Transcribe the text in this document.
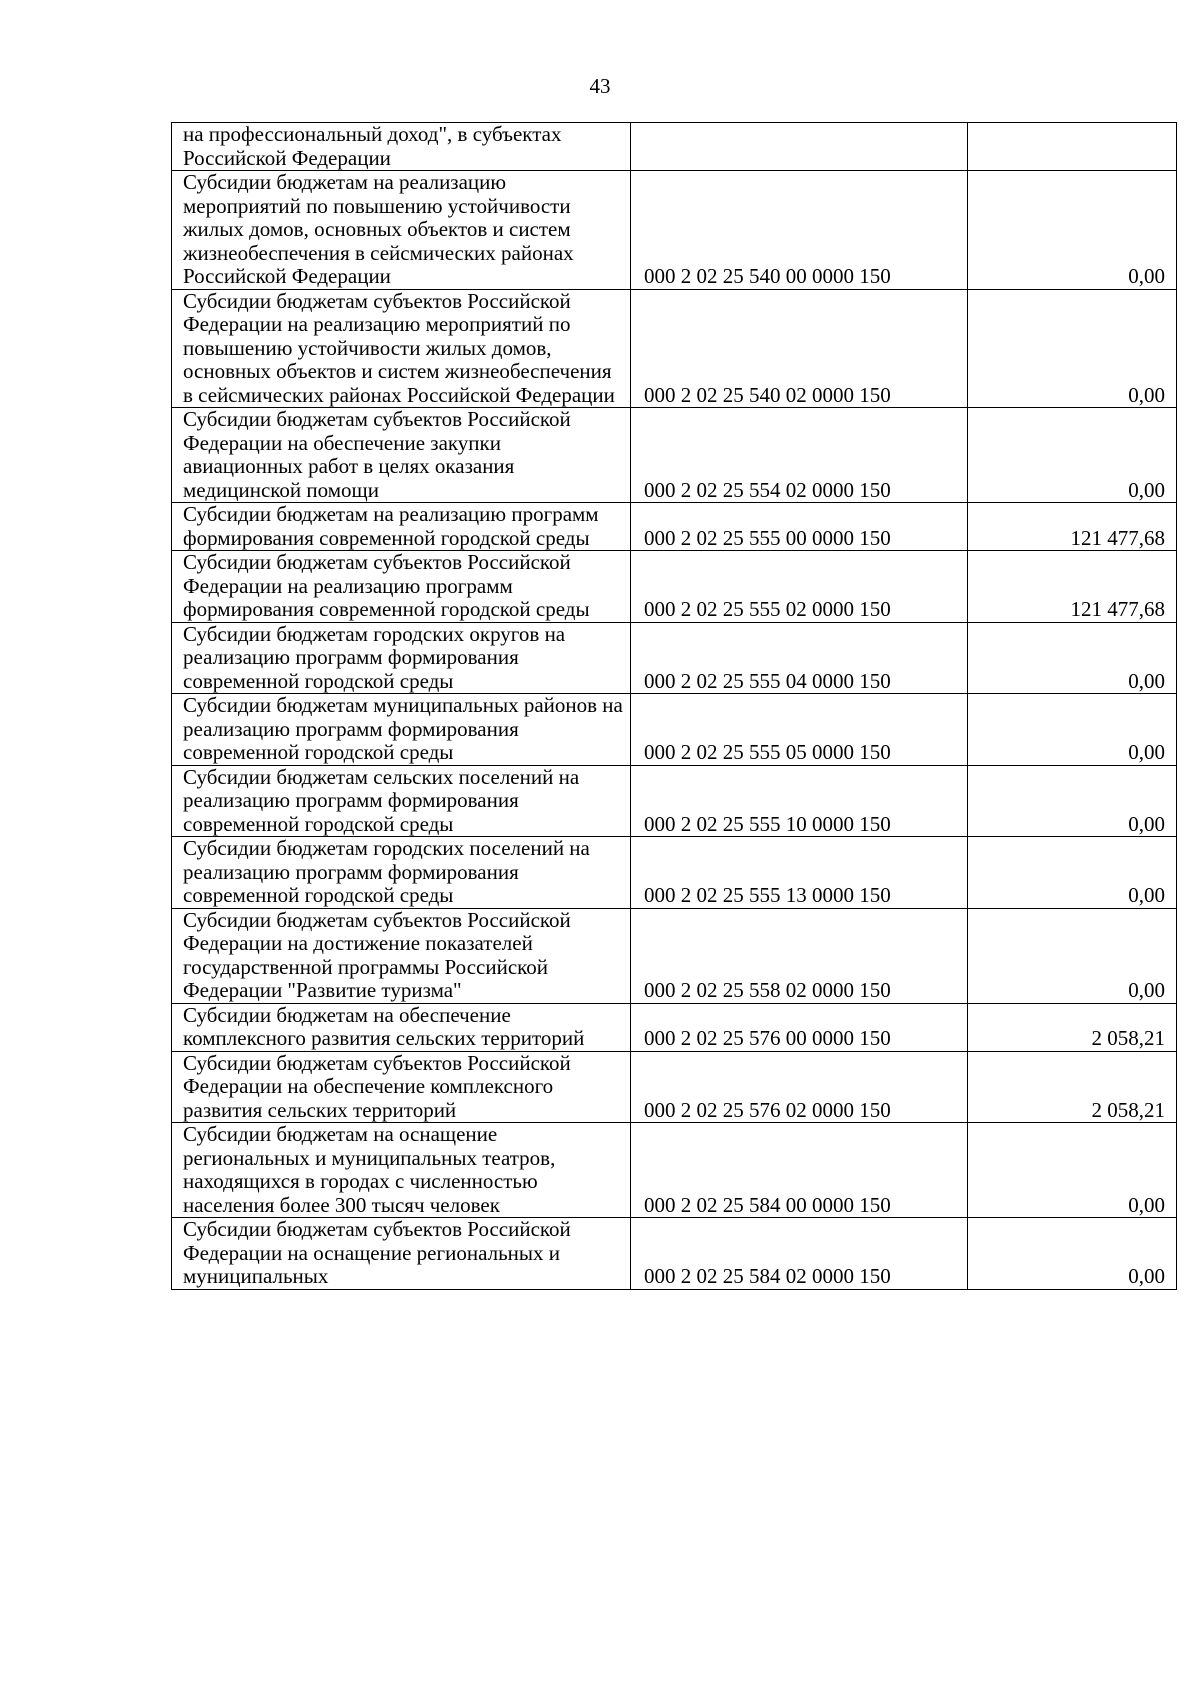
43
на профессиональный доход", в субъектах Российской Федерации		
Субсидии бюджетам на реализацию мероприятий по повышению устойчивости жилых домов, основных объектов и систем жизнеобеспечения в сейсмических районах Российской Федерации	000 2 02 25 540 00 0000 150	0,00
Субсидии бюджетам субъектов Российской Федерации на реализацию мероприятий по повышению устойчивости жилых домов, основных объектов и систем жизнеобеспечения в сейсмических районах Российской Федерации	000 2 02 25 540 02 0000 150	0,00
Субсидии бюджетам субъектов Российской Федерации на обеспечение закупки авиационных работ в целях оказания медицинской помощи	000 2 02 25 554 02 0000 150	0,00
Субсидии бюджетам на реализацию программ формирования современной городской среды	000 2 02 25 555 00 0000 150	121 477,68
Субсидии бюджетам субъектов Российской Федерации на реализацию программ формирования современной городской среды	000 2 02 25 555 02 0000 150	121 477,68
Субсидии бюджетам городских округов на реализацию программ формирования современной городской среды	000 2 02 25 555 04 0000 150	0,00
Субсидии бюджетам муниципальных районов на реализацию программ формирования современной городской среды	000 2 02 25 555 05 0000 150	0,00
Субсидии бюджетам сельских поселений на реализацию программ формирования современной городской среды	000 2 02 25 555 10 0000 150	0,00
Субсидии бюджетам городских поселений на реализацию программ формирования современной городской среды	000 2 02 25 555 13 0000 150	0,00
Субсидии бюджетам субъектов Российской Федерации на достижение показателей государственной программы Российской Федерации "Развитие туризма"	000 2 02 25 558 02 0000 150	0,00
Субсидии бюджетам на обеспечение комплексного развития сельских территорий	000 2 02 25 576 00 0000 150	2 058,21
Субсидии бюджетам субъектов Российской Федерации на обеспечение комплексного развития сельских территорий	000 2 02 25 576 02 0000 150	2 058,21
Субсидии бюджетам на оснащение региональных и муниципальных театров, находящихся в городах с численностью населения более 300 тысяч человек	000 2 02 25 584 00 0000 150	0,00
Субсидии бюджетам субъектов Российской Федерации на оснащение региональных и муниципальных	000 2 02 25 584 02 0000 150	0,00
